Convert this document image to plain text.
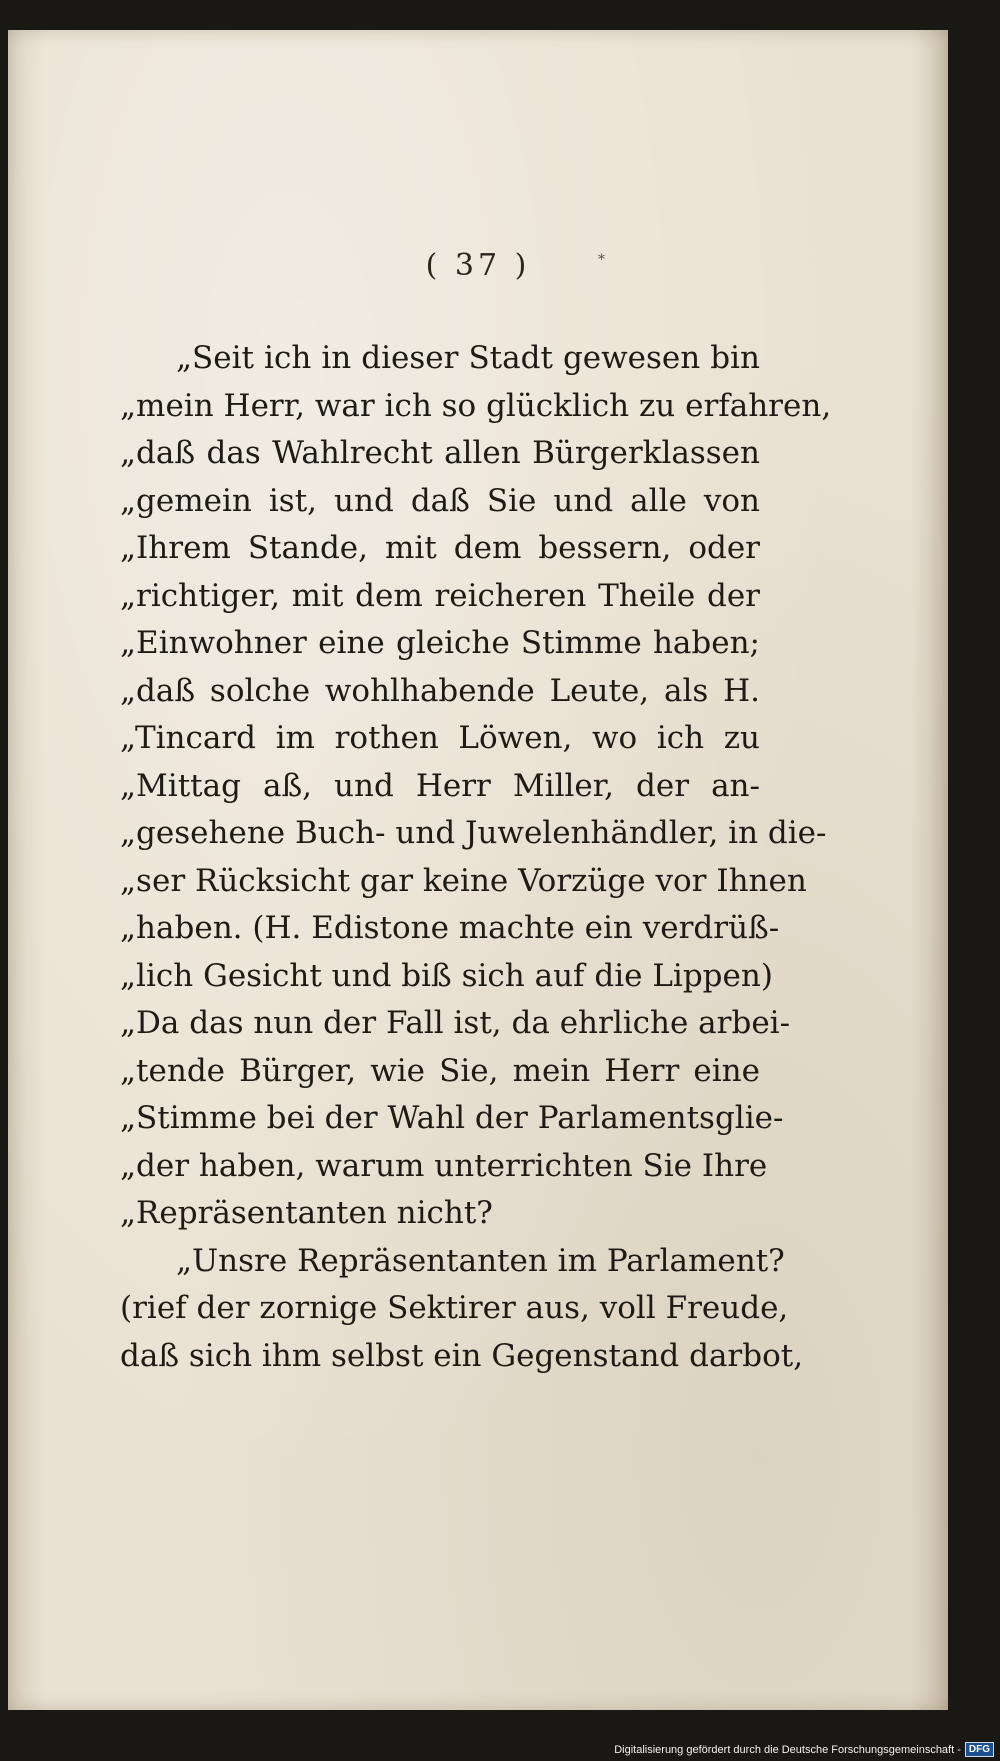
( 37 )	*
„Seit ich in dieser Stadt gewesen bin
„mein Herr, war ich so glücklich zu erfahren,
„daß das Wahlrecht allen Bürgerklassen
„gemein ist, und daß Sie und alle von
„Ihrem Stande, mit dem bessern, oder
„richtiger, mit dem reicheren Theile der
„Einwohner eine gleiche Stimme haben;
„daß solche wohlhabende Leute, als H.
„Tincard im rothen Löwen, wo ich zu
„Mittag aß, und Herr Miller, der an-
„gesehene Buch- und Juwelenhändler, in die-
„ser Rücksicht gar keine Vorzüge vor Ihnen
„haben. (H. Edistone machte ein verdrüß-
„lich Gesicht und biß sich auf die Lippen)
„Da das nun der Fall ist, da ehrliche arbei-
„tende Bürger, wie Sie, mein Herr eine
„Stimme bei der Wahl der Parlamentsglie-
„der haben, warum unterrichten Sie Ihre
„Repräsentanten nicht?
„Unsre Repräsentanten im Parlament?
(rief der zornige Sektirer aus, voll Freude,
daß sich ihm selbst ein Gegenstand darbot,
Digitalisierung gefördert durch die Deutsche Forschungsgemeinschaft - DFG
